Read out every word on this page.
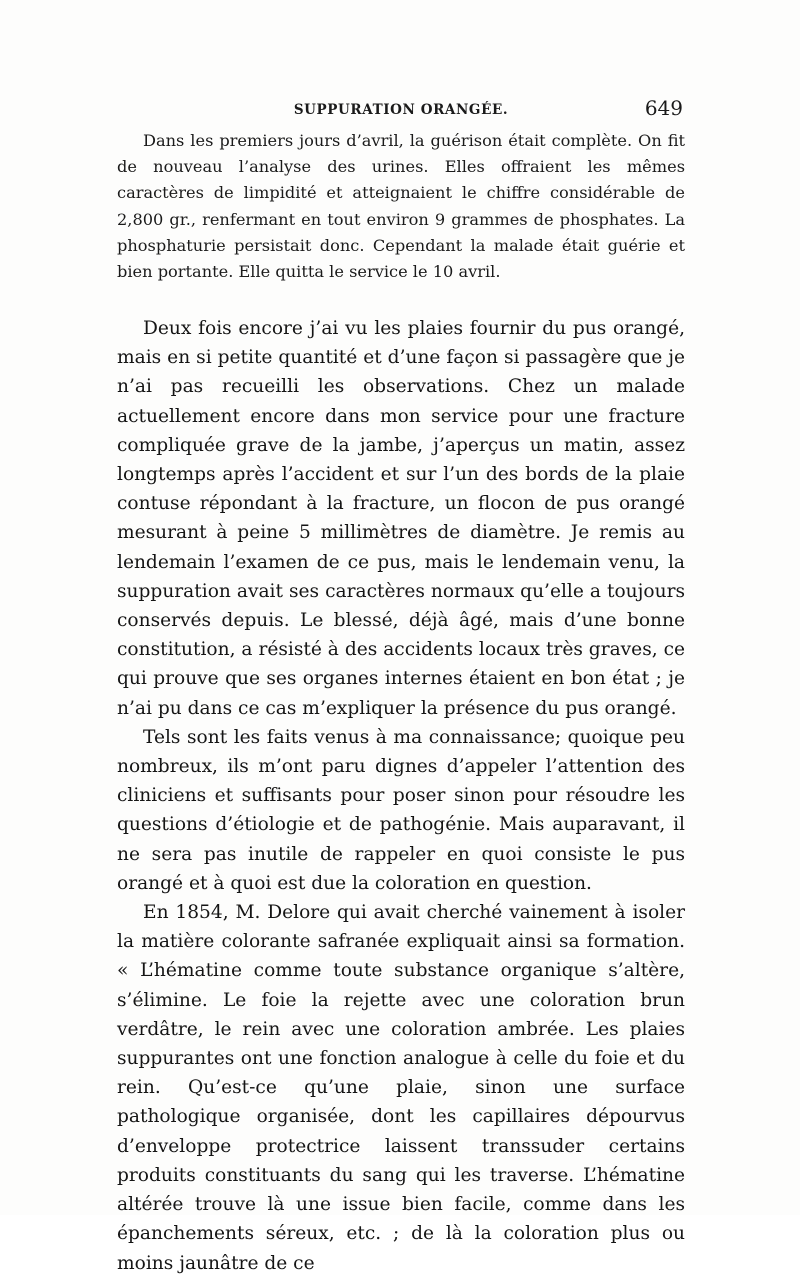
SUPPURATION ORANGÉE.	649

Dans les premiers jours d’avril, la guérison était complète. On fit de nouveau l’analyse des urines. Elles offraient les mêmes caractères de limpidité et atteignaient le chiffre considérable de 2,800 gr., renfermant en tout environ 9 grammes de phosphates. La phosphaturie persistait donc. Cependant la malade était guérie et bien portante. Elle quitta le service le 10 avril.

Deux fois encore j’ai vu les plaies fournir du pus orangé, mais en si petite quantité et d’une façon si passagère que je n’ai pas recueilli les observations. Chez un malade actuellement encore dans mon service pour une fracture compliquée grave de la jambe, j’aperçus un matin, assez longtemps après l’accident et sur l’un des bords de la plaie contuse répondant à la fracture, un flocon de pus orangé mesurant à peine 5 millimètres de diamètre. Je remis au lendemain l’examen de ce pus, mais le lendemain venu, la suppuration avait ses caractères normaux qu’elle a toujours conservés depuis. Le blessé, déjà âgé, mais d’une bonne constitution, a résisté à des accidents locaux très graves, ce qui prouve que ses organes internes étaient en bon état ; je n’ai pu dans ce cas m’expliquer la présence du pus orangé.

Tels sont les faits venus à ma connaissance; quoique peu nombreux, ils m’ont paru dignes d’appeler l’attention des cliniciens et suffisants pour poser sinon pour résoudre les questions d’étiologie et de pathogénie. Mais auparavant, il ne sera pas inutile de rappeler en quoi consiste le pus orangé et à quoi est due la coloration en question.

En 1854, M. Delore qui avait cherché vainement à isoler la matière colorante safranée expliquait ainsi sa formation. « L’hématine comme toute substance organique s’altère, s’élimine. Le foie la rejette avec une coloration brun verdâtre, le rein avec une coloration ambrée. Les plaies suppurantes ont une fonction analogue à celle du foie et du rein. Qu’est-ce qu’une plaie, sinon une surface pathologique organisée, dont les capillaires dépourvus d’enveloppe protectrice laissent transsuder certains produits constituants du sang qui les traverse. L’hématine altérée trouve là une issue bien facile, comme dans les épanchements séreux, etc. ; de là la coloration plus ou moins jaunâtre de ce
